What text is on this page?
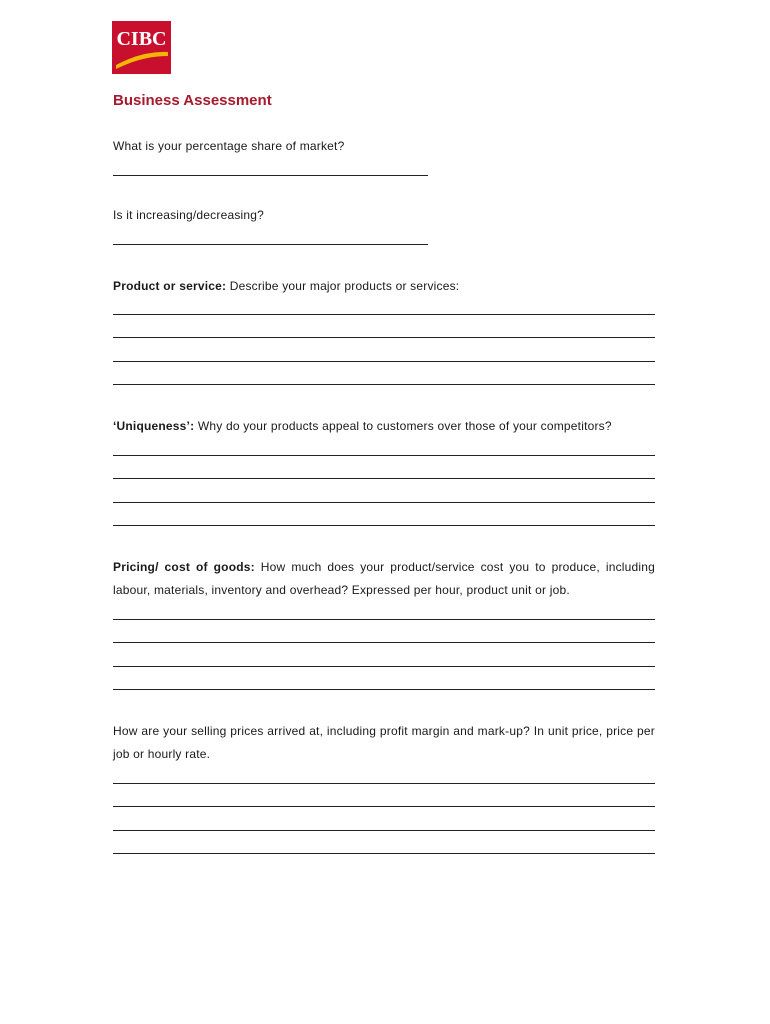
CIBC
Business Assessment
What is your percentage share of market?
Is it increasing/decreasing?
Product or service: Describe your major products or services:
‘Uniqueness’: Why do your products appeal to customers over those of your competitors?
Pricing/ cost of goods: How much does your product/service cost you to produce, including labour, materials, inventory and overhead? Expressed per hour, product unit or job.
How are your selling prices arrived at, including profit margin and mark-up? In unit price, price per job or hourly rate.
